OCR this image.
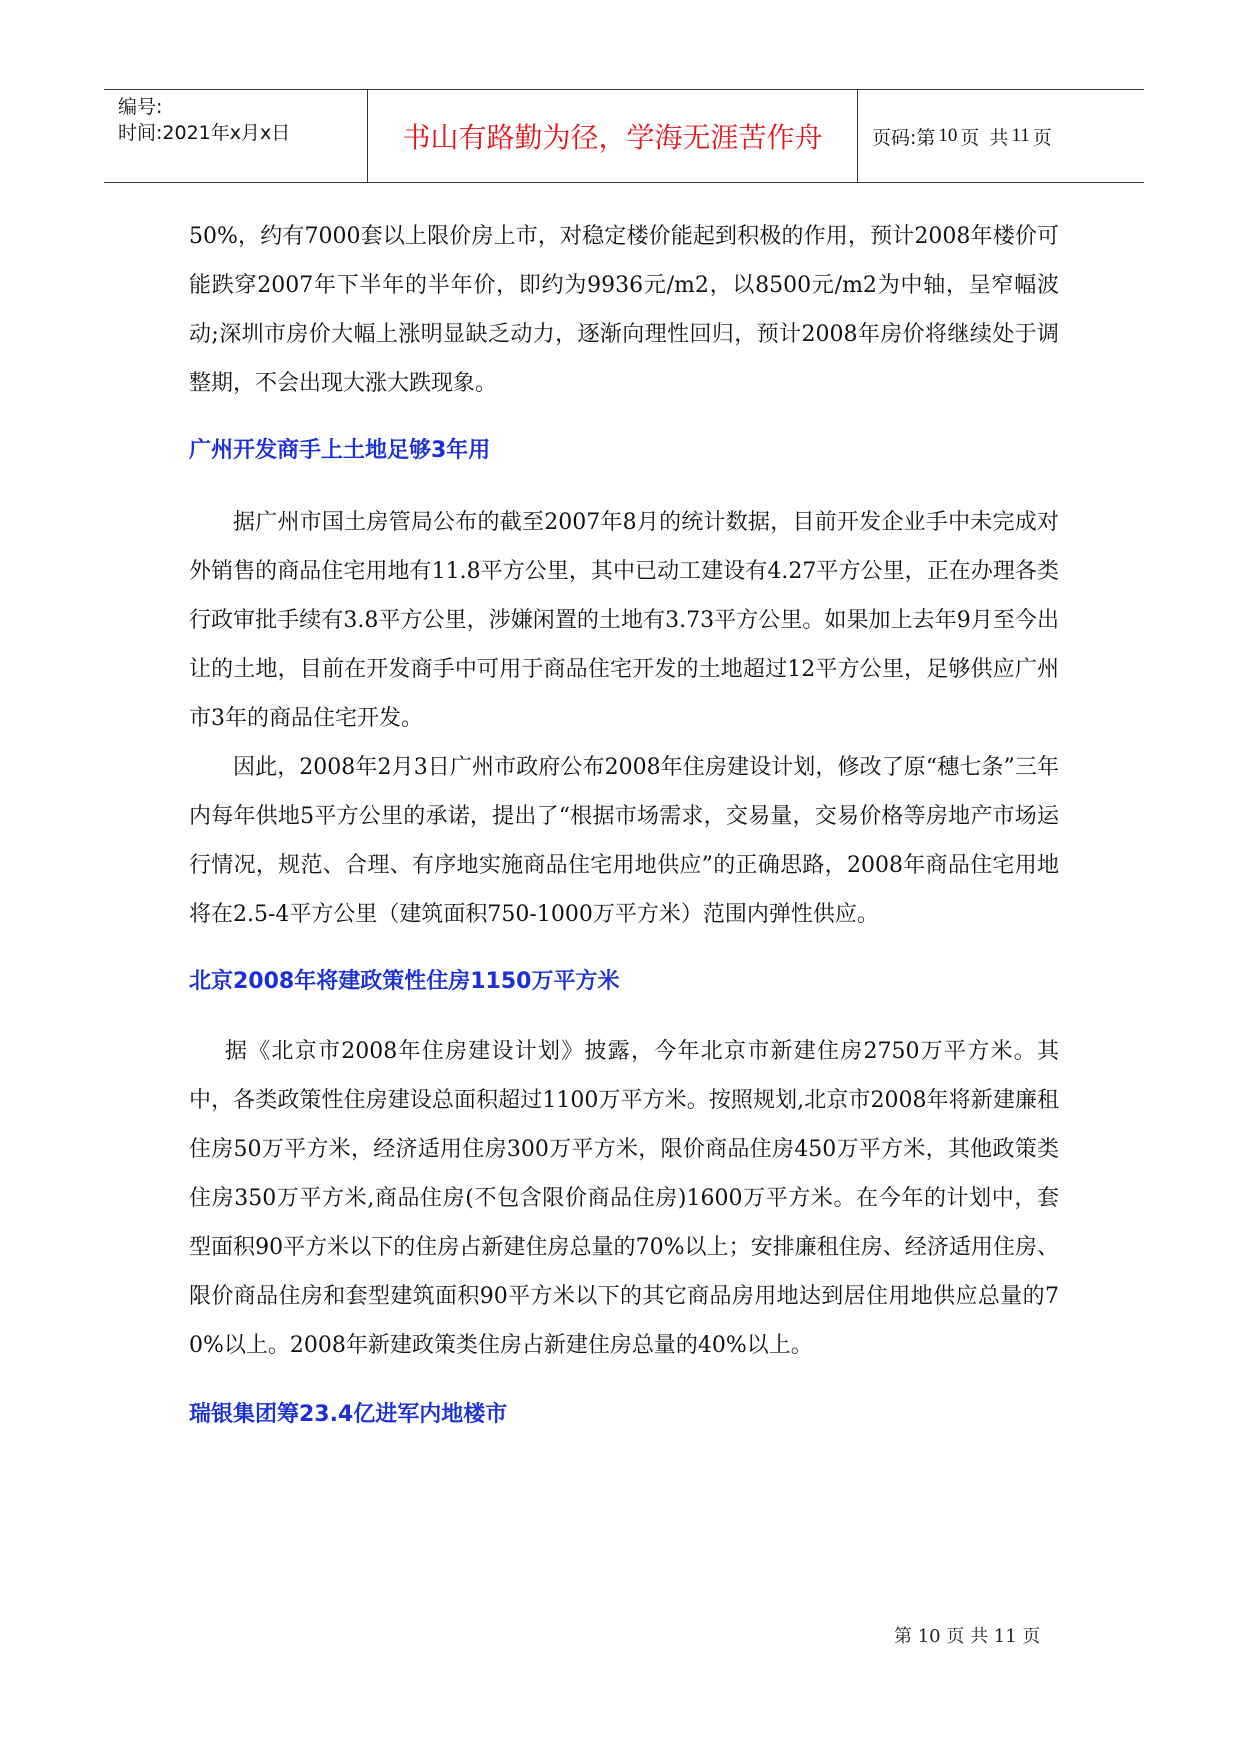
编号:
时间:2021年x月x日	书山有路勤为径，学海无涯苦作舟	页码:第 10 页 共 11 页

50%，约有7000套以上限价房上市，对稳定楼价能起到积极的作用，预计2008年楼价可能跌穿2007年下半年的半年价，即约为9936元/m2，以8500元/m2为中轴，呈窄幅波动;深圳市房价大幅上涨明显缺乏动力，逐渐向理性回归，预计2008年房价将继续处于调整期，不会出现大涨大跌现象。

广州开发商手上土地足够3年用

据广州市国土房管局公布的截至2007年8月的统计数据，目前开发企业手中未完成对外销售的商品住宅用地有11.8平方公里，其中已动工建设有4.27平方公里，正在办理各类行政审批手续有3.8平方公里，涉嫌闲置的土地有3.73平方公里。如果加上去年9月至今出让的土地，目前在开发商手中可用于商品住宅开发的土地超过12平方公里，足够供应广州市3年的商品住宅开发。

因此，2008年2月3日广州市政府公布2008年住房建设计划，修改了原“穗七条”三年内每年供地5平方公里的承诺，提出了“根据市场需求，交易量，交易价格等房地产市场运行情况，规范、合理、有序地实施商品住宅用地供应”的正确思路，2008年商品住宅用地将在2.5-4平方公里（建筑面积750-1000万平方米）范围内弹性供应。

北京2008年将建政策性住房1150万平方米

据《北京市2008年住房建设计划》披露，今年北京市新建住房2750万平方米。其中，各类政策性住房建设总面积超过1100万平方米。按照规划,北京市2008年将新建廉租住房50万平方米，经济适用住房300万平方米，限价商品住房450万平方米，其他政策类住房350万平方米,商品住房(不包含限价商品住房)1600万平方米。在今年的计划中，套型面积90平方米以下的住房占新建住房总量的70%以上；安排廉租住房、经济适用住房、限价商品住房和套型建筑面积90平方米以下的其它商品房用地达到居住用地供应总量的70%以上。2008年新建政策类住房占新建住房总量的40%以上。

瑞银集团筹23.4亿进军内地楼市
第 10 页 共 11 页
